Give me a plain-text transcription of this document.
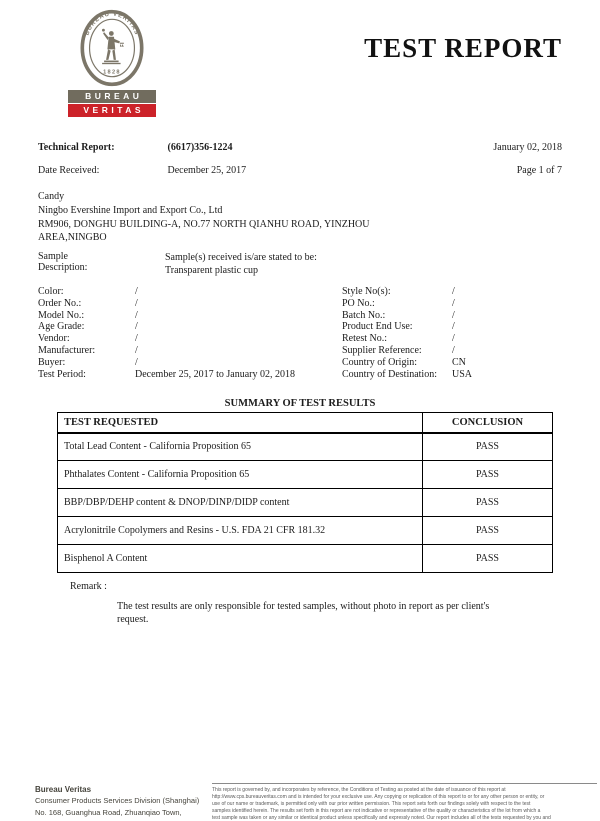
BUREAU VERITAS
1828
BUREAU
VERITAS
TEST REPORT
Technical Report:	(6617)356-1224	January 02, 2018
Date Received:	December 25, 2017	Page 1 of 7
Candy
Ningbo Evershine Import and Export Co., Ltd
RM906, DONGHU BUILDING-A, NO.77 NORTH QIANHU ROAD, YINZHOU
AREA,NINGBO
Sample Description:
Sample(s) received is/are stated to be:
Transparent plastic cup
Color:	/
Order No.:	/
Model No.:	/
Age Grade:	/
Vendor:	/
Manufacturer:	/
Buyer:	/
Test Period:	December 25, 2017 to January 02, 2018
Style No(s):	/
PO No.:	/
Batch No.:	/
Product End Use:	/
Retest No.:	/
Supplier Reference:	/
Country of Origin:	CN
Country of Destination: USA
SUMMARY OF TEST RESULTS
TEST REQUESTED	CONCLUSION
Total Lead Content - California Proposition 65	PASS
Phthalates Content - California Proposition 65	PASS
BBP/DBP/DEHP content & DNOP/DINP/DIDP content	PASS
Acrylonitrile Copolymers and Resins - U.S. FDA 21 CFR 181.32	PASS
Bisphenol A Content	PASS
Remark :
The test results are only responsible for tested samples, without photo in report as per client's
request.
Bureau Veritas
Consumer Products Services Division (Shanghai)
No. 168, Guanghua Road, Zhuanqiao Town,
This report is governed by, and incorporates by reference, the Conditions of Testing as posted at the date of issuance of this report at
http://www.cps.bureauveritas.com and is intended for your exclusive use. Any copying or replication of this report to or for any other person or entity, or
use of our name or trademark, is permitted only with our prior written permission. This report sets forth our findings solely with respect to the test
samples identified herein. The results set forth in this report are not indicative or representative of the quality or characteristics of the lot from which a
test sample was taken or any similar or identical product unless specifically and expressly noted. Our report includes all of the tests requested by you and
